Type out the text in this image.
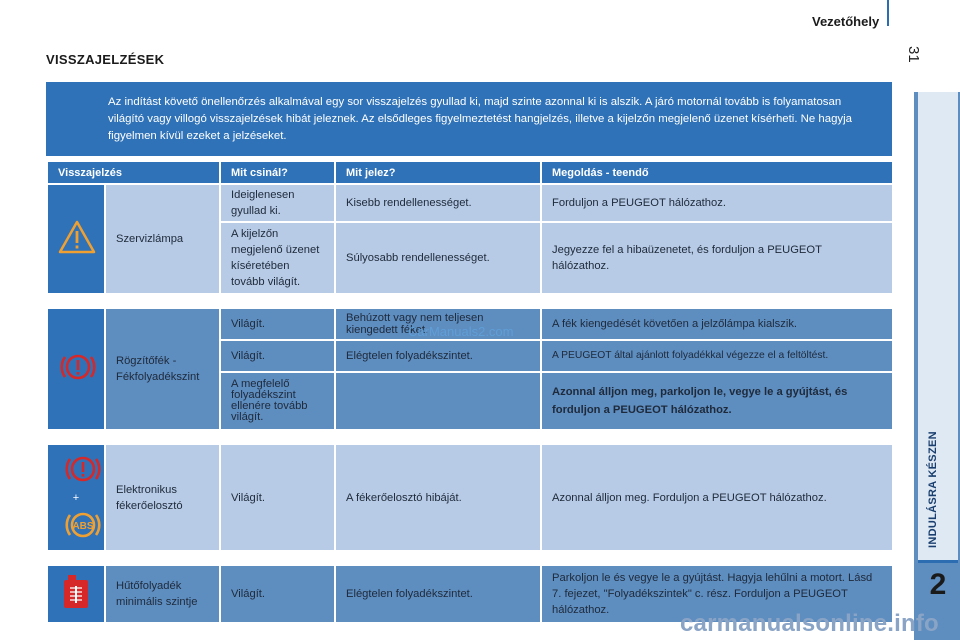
Vezetőhely
31
VISSZAJELZÉSEK
Az indítást követő önellenőrzés alkalmával egy sor visszajelzés gyullad ki, majd szinte azonnal ki is alszik. A járó motornál tovább is folyamatosan világító vagy villogó visszajelzések hibát jeleznek. Az elsődleges figyelmeztetést hangjelzés, illetve a kijelzőn megjelenő üzenet kísérheti. Ne hagyja figyelmen kívül ezeket a jelzéseket.
Visszajelzés		Mit csinál?	Mit jelez?	Megoldás - teendő
	Szervizlámpa	Ideiglenesen gyullad ki.	Kisebb rendellenességet.	Forduljon a PEUGEOT hálózathoz.
		A kijelzőn megjelenő üzenet kíséretében tovább világít.	Súlyosabb rendellenességet.	Jegyezze fel a hibaüzenetet, és forduljon a PEUGEOT hálózathoz.

	Rögzítőfék - Fékfolyadékszint	Világít.	Behúzott vagy nem teljesen kiengedett féket.	A fék kiengedését követően a jelzőlámpa kialszik.
		Világít.	Elégtelen folyadékszintet.	A PEUGEOT által ajánlott folyadékkal végezze el a feltöltést.
		A megfelelő folyadékszint ellenére tovább világít.		Azonnal álljon meg, parkoljon le, vegye le a gyújtást, és forduljon a PEUGEOT hálózathoz.

ABS
+	Elektronikus fékerőelosztó	Világít.	A fékerőelosztó hibáját.	Azonnal álljon meg. Forduljon a PEUGEOT hálózathoz.

	Hűtőfolyadék minimális szintje	Világít.	Elégtelen folyadékszintet.	Parkoljon le és vegye le a gyújtást. Hagyja lehűlni a motort. Lásd 7. fejezet, "Folyadékszintek" c. rész. Forduljon a PEUGEOT hálózathoz.
INDULÁSRA KÉSZEN
2
CarManuals2.com
carmanualsonline.info
